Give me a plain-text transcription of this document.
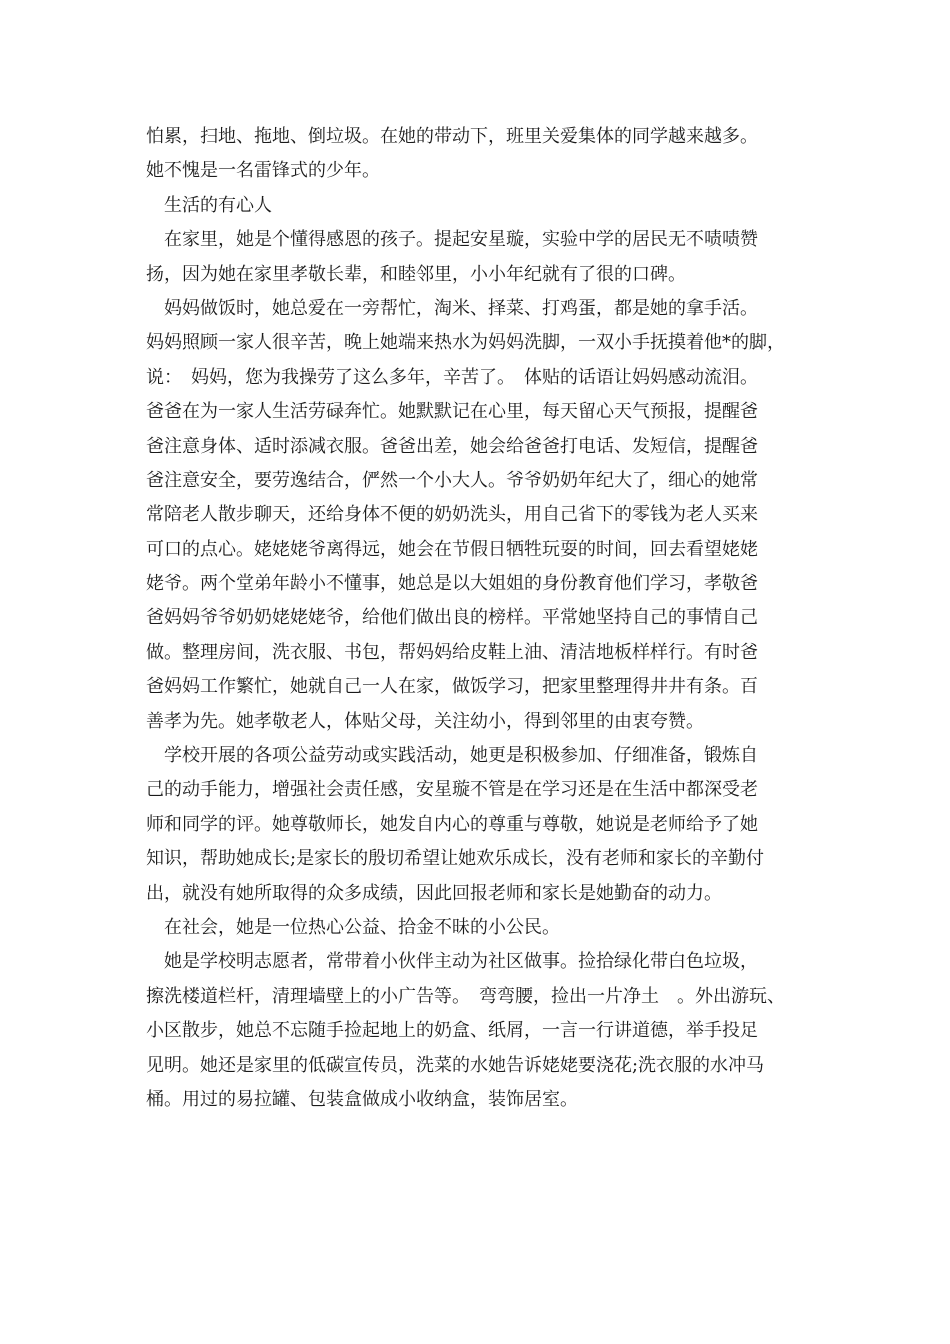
怕累，扫地、拖地、倒垃圾。在她的带动下，班里关爱集体的同学越来越多。
她不愧是一名雷锋式的少年。
　生活的有心人
　在家里，她是个懂得感恩的孩子。提起安星璇，实验中学的居民无不啧啧赞
扬，因为她在家里孝敬长辈，和睦邻里，小小年纪就有了很的口碑。
　妈妈做饭时，她总爱在一旁帮忙，淘米、择菜、打鸡蛋，都是她的拿手活。
妈妈照顾一家人很辛苦，晚上她端来热水为妈妈洗脚，一双小手抚摸着他*的脚，
说：　妈妈，您为我操劳了这么多年，辛苦了。　体贴的话语让妈妈感动流泪。
爸爸在为一家人生活劳碌奔忙。她默默记在心里，每天留心天气预报，提醒爸
爸注意身体、适时添减衣服。爸爸出差，她会给爸爸打电话、发短信，提醒爸
爸注意安全，要劳逸结合，俨然一个小大人。爷爷奶奶年纪大了，细心的她常
常陪老人散步聊天，还给身体不便的奶奶洗头，用自己省下的零钱为老人买来
可口的点心。姥姥姥爷离得远，她会在节假日牺牲玩耍的时间，回去看望姥姥
姥爷。两个堂弟年龄小不懂事，她总是以大姐姐的身份教育他们学习，孝敬爸
爸妈妈爷爷奶奶姥姥姥爷，给他们做出良的榜样。平常她坚持自己的事情自己
做。整理房间，洗衣服、书包，帮妈妈给皮鞋上油、清洁地板样样行。有时爸
爸妈妈工作繁忙，她就自己一人在家，做饭学习，把家里整理得井井有条。百
善孝为先。她孝敬老人，体贴父母，关注幼小，得到邻里的由衷夸赞。
　学校开展的各项公益劳动或实践活动，她更是积极参加、仔细准备，锻炼自
己的动手能力，增强社会责任感，安星璇不管是在学习还是在生活中都深受老
师和同学的评。她尊敬师长，她发自内心的尊重与尊敬，她说是老师给予了她
知识，帮助她成长;是家长的殷切希望让她欢乐成长，没有老师和家长的辛勤付
出，就没有她所取得的众多成绩，因此回报老师和家长是她勤奋的动力。
　在社会，她是一位热心公益、拾金不昧的小公民。
　她是学校明志愿者，常带着小伙伴主动为社区做事。捡拾绿化带白色垃圾，
擦洗楼道栏杆，清理墙壁上的小广告等。　弯弯腰，捡出一片净土　。外出游玩、
小区散步，她总不忘随手捡起地上的奶盒、纸屑，一言一行讲道德，举手投足
见明。她还是家里的低碳宣传员，洗菜的水她告诉姥姥要浇花;洗衣服的水冲马
桶。用过的易拉罐、包装盒做成小收纳盒，装饰居室。
